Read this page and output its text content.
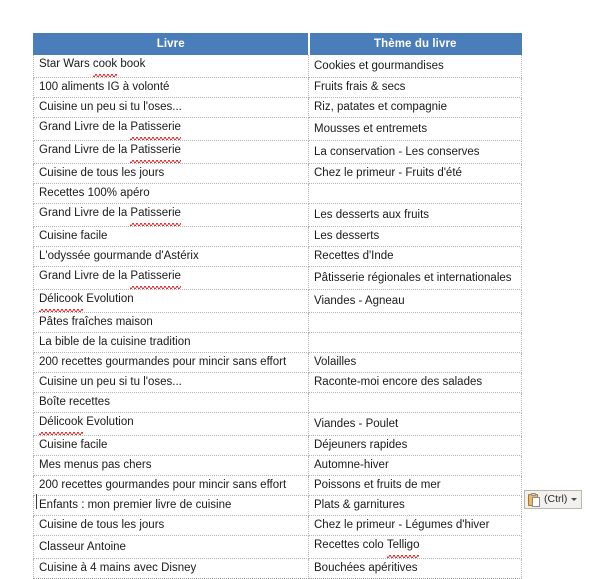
Livre	Thème du livre
Star Wars cook book	Cookies et gourmandises
100 aliments IG à volonté	Fruits frais & secs
Cuisine un peu si tu l'oses...	Riz, patates et compagnie
Grand Livre de la Patisserie	Mousses et entremets
Grand Livre de la Patisserie	La conservation - Les conserves
Cuisine de tous les jours	Chez le primeur - Fruits d'été
Recettes 100% apéro	
Grand Livre de la Patisserie	Les desserts aux fruits
Cuisine facile	Les desserts
L'odyssée gourmande d'Astérix	Recettes d'Inde
Grand Livre de la Patisserie	Pâtisserie régionales et internationales
Délicook Evolution	Viandes - Agneau
Pâtes fraîches maison	
La bible de la cuisine tradition	
200 recettes gourmandes pour mincir sans effort	Volailles
Cuisine un peu si tu l'oses...	Raconte-moi encore des salades
Boîte recettes	
Délicook Evolution	Viandes - Poulet
Cuisine facile	Déjeuners rapides
Mes menus pas chers	Automne-hiver
200 recettes gourmandes pour mincir sans effort	Poissons et fruits de mer
Enfants : mon premier livre de cuisine	Plats & garnitures
Cuisine de tous les jours	Chez le primeur - Légumes d'hiver
Classeur Antoine	Recettes colo Telligo
Cuisine à 4 mains avec Disney	Bouchées apéritives
(Ctrl)
